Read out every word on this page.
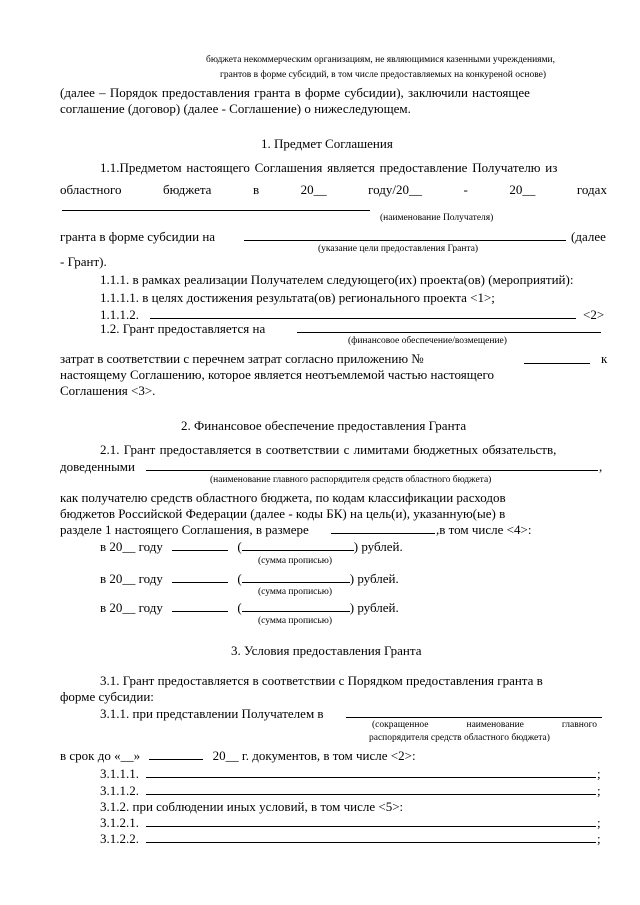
бюджета некоммерческим организациям, не являющимися казенными учреждениями,
грантов в форме субсидий, в том числе предоставляемых на конкуреной основе)
(далее – Порядок предоставления гранта в форме субсидии), заключили настоящее
соглашение (договор) (далее - Соглашение) о нижеследующем.
1. Предмет Соглашения
1.1.Предметом настоящего Соглашения является предоставление Получателю из
областного	бюджета	в	20__	году/20__	-	20__	годах
(наименование Получателя)
гранта в форме субсидии на	(далее
(указание цели предоставления Гранта)
- Грант).
1.1.1. в рамках реализации Получателем следующего(их) проекта(ов) (мероприятий):
1.1.1.1. в целях достижения результата(ов) регионального проекта <1>;
1.1.1.2.	<2>
1.2. Грант предоставляется на
(финансовое обеспечение/возмещение)
затрат в соответствии с перечнем затрат согласно приложению №	к
настоящему Соглашению, которое является неотъемлемой частью настоящего
Соглашения <3>.
2. Финансовое обеспечение предоставления Гранта
2.1. Грант предоставляется в соответствии с лимитами бюджетных обязательств,
доведенными	,
(наименование главного распорядителя средств областного бюджета)
как получателю средств областного бюджета, по кодам классификации расходов
бюджетов Российской Федерации (далее - коды БК) на цель(и), указанную(ые) в
разделе 1 настоящего Соглашения, в размере	,в том числе <4>:
в 20__ году	(	) рублей.
(сумма прописью)
в 20__ году	(	) рублей.
(сумма прописью)
в 20__ году	(	) рублей.
(сумма прописью)
3. Условия предоставления Гранта
3.1. Грант предоставляется в соответствии с Порядком предоставления гранта в
форме субсидии:
3.1.1. при представлении Получателем в
(сокращенное	наименование	главного
распорядителя средств областного бюджета)
в срок до «__»	20__ г. документов, в том числе <2>:
3.1.1.1.	;
3.1.1.2.	;
3.1.2. при соблюдении иных условий, в том числе <5>:
3.1.2.1.	;
3.1.2.2.	;
